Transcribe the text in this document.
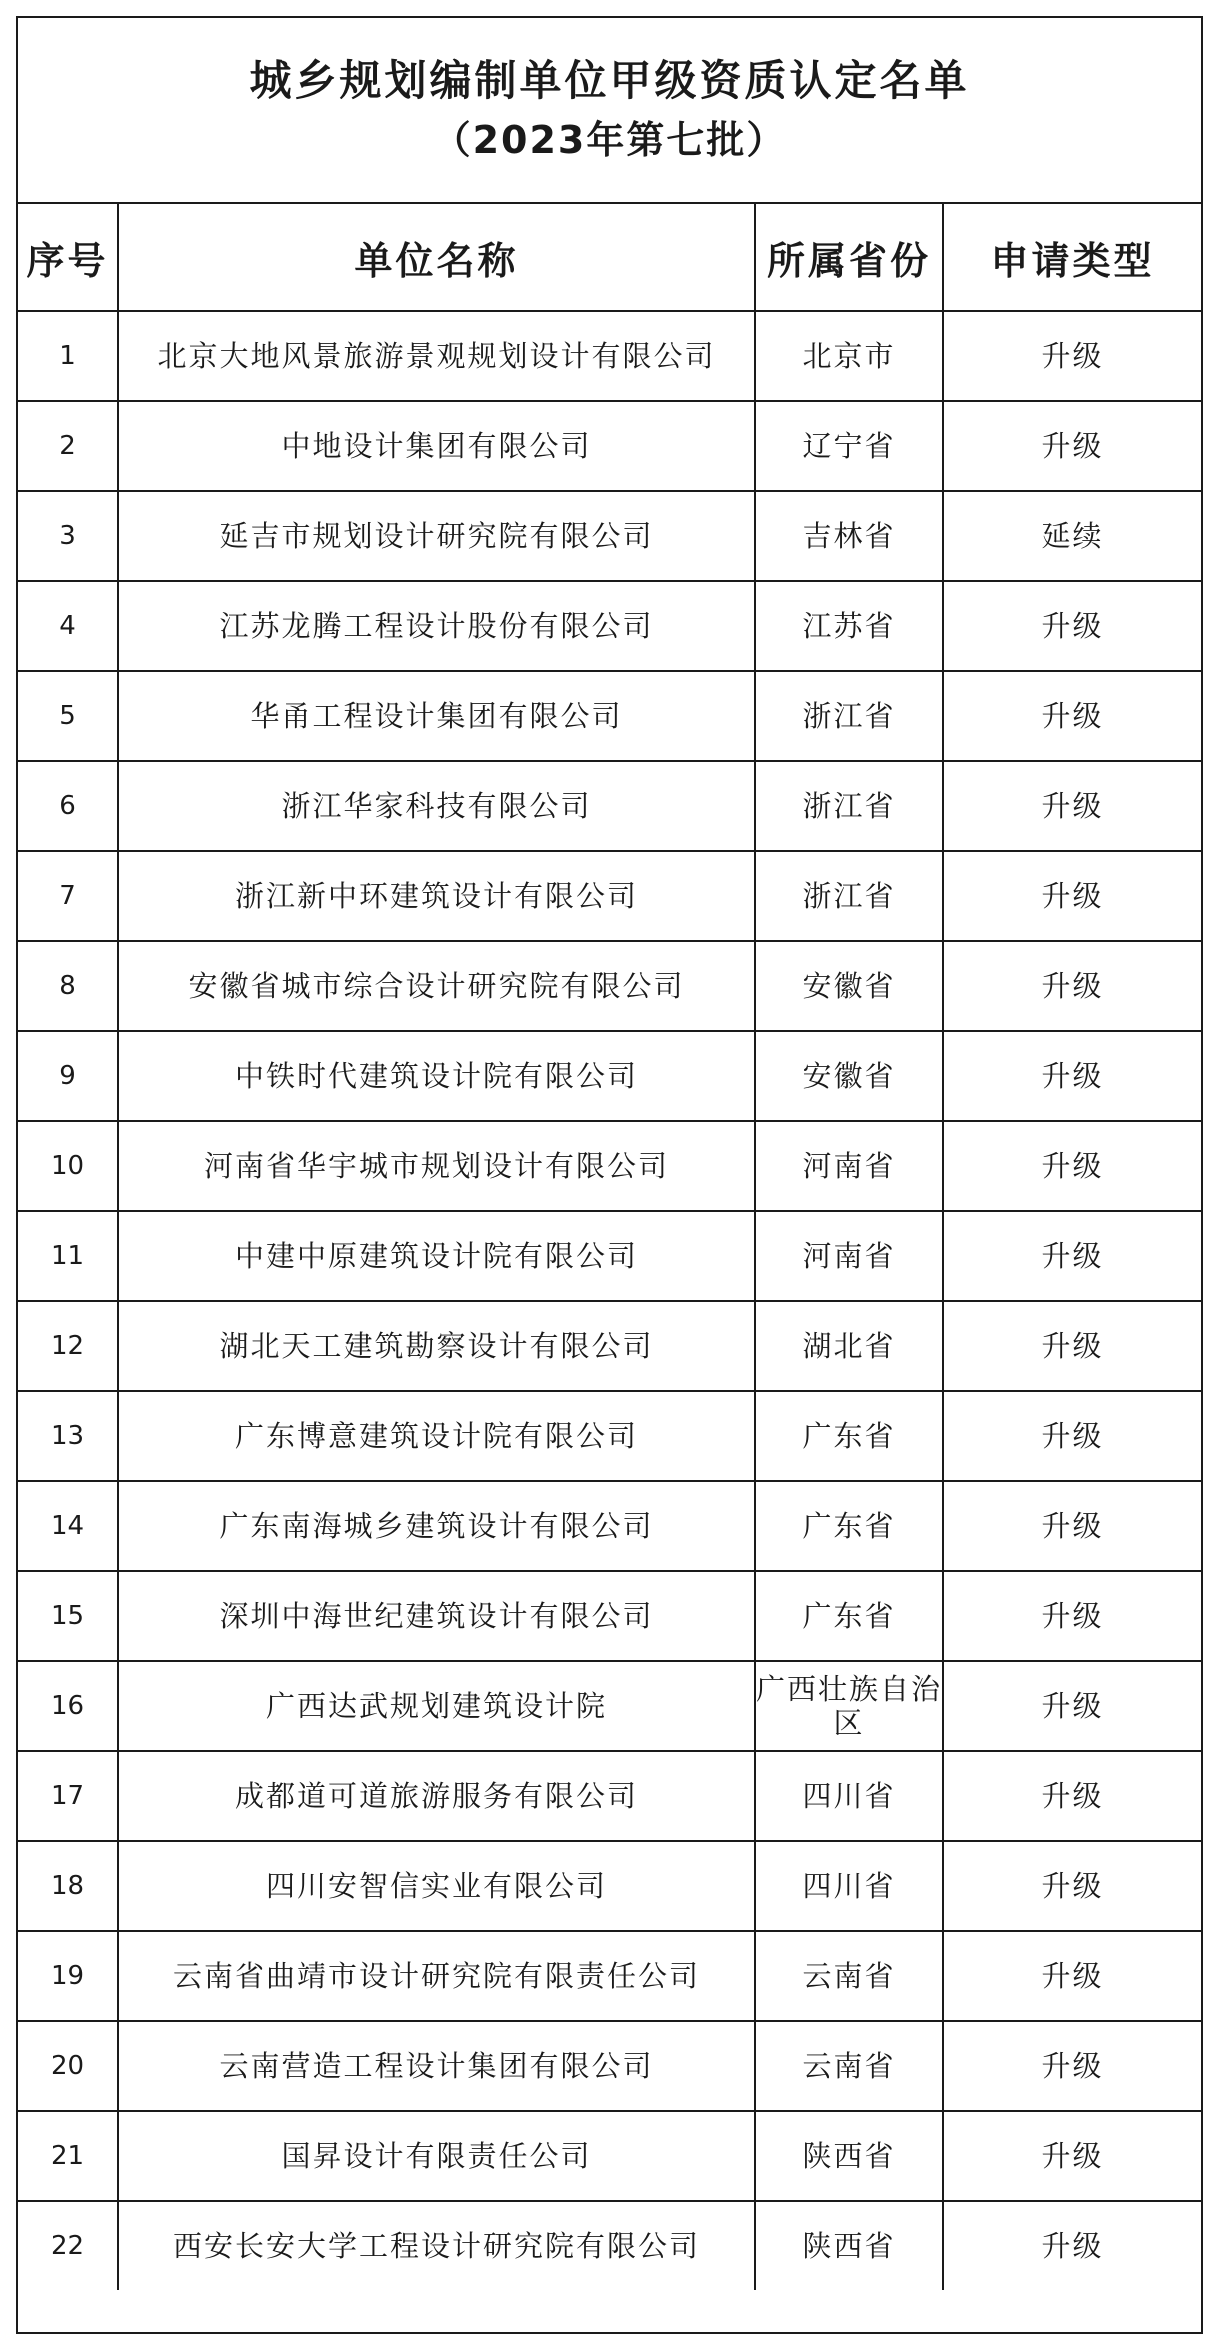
城乡规划编制单位甲级资质认定名单
（2023年第七批）
序号	单位名称	所属省份	申请类型
1	北京大地风景旅游景观规划设计有限公司	北京市	升级
2	中地设计集团有限公司	辽宁省	升级
3	延吉市规划设计研究院有限公司	吉林省	延续
4	江苏龙腾工程设计股份有限公司	江苏省	升级
5	华甬工程设计集团有限公司	浙江省	升级
6	浙江华家科技有限公司	浙江省	升级
7	浙江新中环建筑设计有限公司	浙江省	升级
8	安徽省城市综合设计研究院有限公司	安徽省	升级
9	中铁时代建筑设计院有限公司	安徽省	升级
10	河南省华宇城市规划设计有限公司	河南省	升级
11	中建中原建筑设计院有限公司	河南省	升级
12	湖北天工建筑勘察设计有限公司	湖北省	升级
13	广东博意建筑设计院有限公司	广东省	升级
14	广东南海城乡建筑设计有限公司	广东省	升级
15	深圳中海世纪建筑设计有限公司	广东省	升级
16	广西达武规划建筑设计院	广西壮族自治区	升级
17	成都道可道旅游服务有限公司	四川省	升级
18	四川安智信实业有限公司	四川省	升级
19	云南省曲靖市设计研究院有限责任公司	云南省	升级
20	云南营造工程设计集团有限公司	云南省	升级
21	国昇设计有限责任公司	陕西省	升级
22	西安长安大学工程设计研究院有限公司	陕西省	升级
